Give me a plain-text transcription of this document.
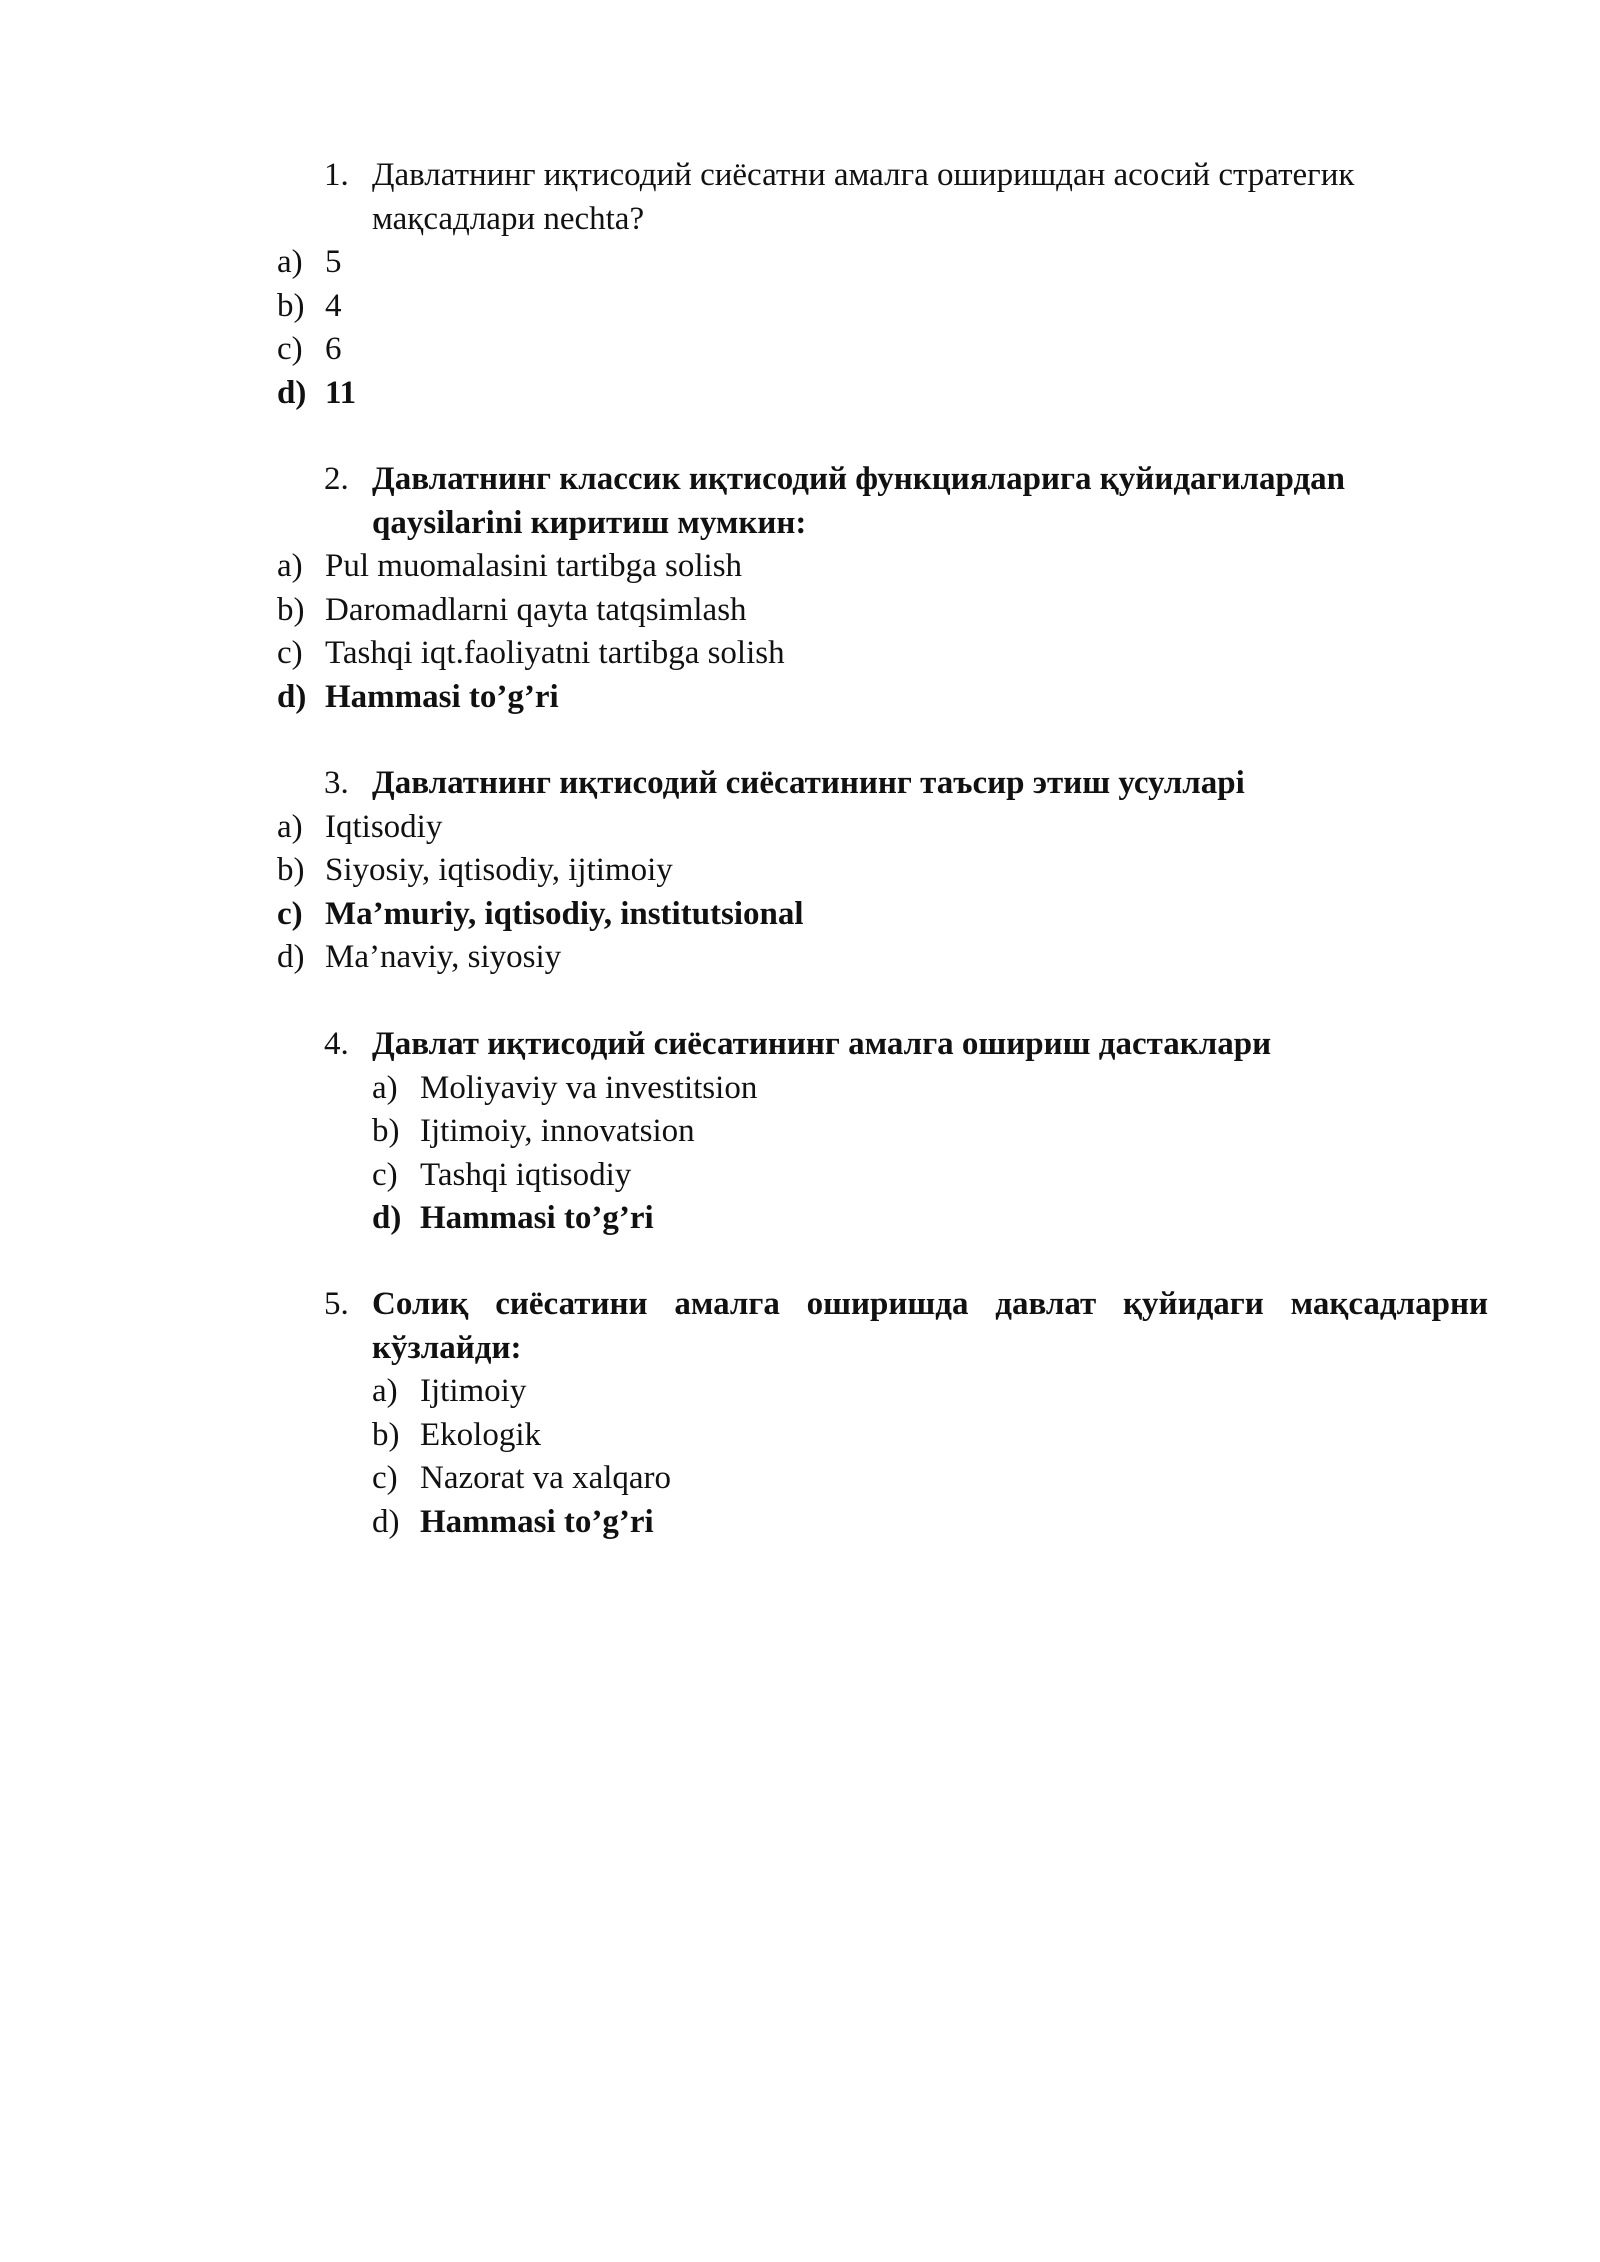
1. Давлатнинг иқтисодий сиёсатни амалга оширишдан асосий стратегик мақсадлари nechta?
a) 5
b) 4
c) 6
d) 11
2. Давлатнинг классик иқтисодий функцияларига қуйидагилардan qaysilarini киритиш мумкин:
a) Pul muomalasini tartibga solish
b) Daromadlarni qayta tatqsimlash
c) Tashqi iqt.faoliyatni tartibga solish
d) Hammasi to’g’ri
3. Давлатнинг иқтисодий сиёсатининг таъсир этиш усулларі
a) Iqtisodiy
b) Siyosiy, iqtisodiy, ijtimoiy
c) Ma’muriy, iqtisodiy, institutsional
d) Ma’naviy, siyosiy
4. Давлат иқтисодий сиёсатининг амалга ошириш дастаклари
a) Moliyaviy va investitsion
b) Ijtimoiy, innovatsion
c) Tashqi iqtisodiy
d) Hammasi to’g’ri
5. Солиқ сиёсатини амалга оширишда давлат қуйидаги мақсадларни кўзлайди:
a) Ijtimoiy
b) Ekologik
c) Nazorat va xalqaro
d) Hammasi to’g’ri
